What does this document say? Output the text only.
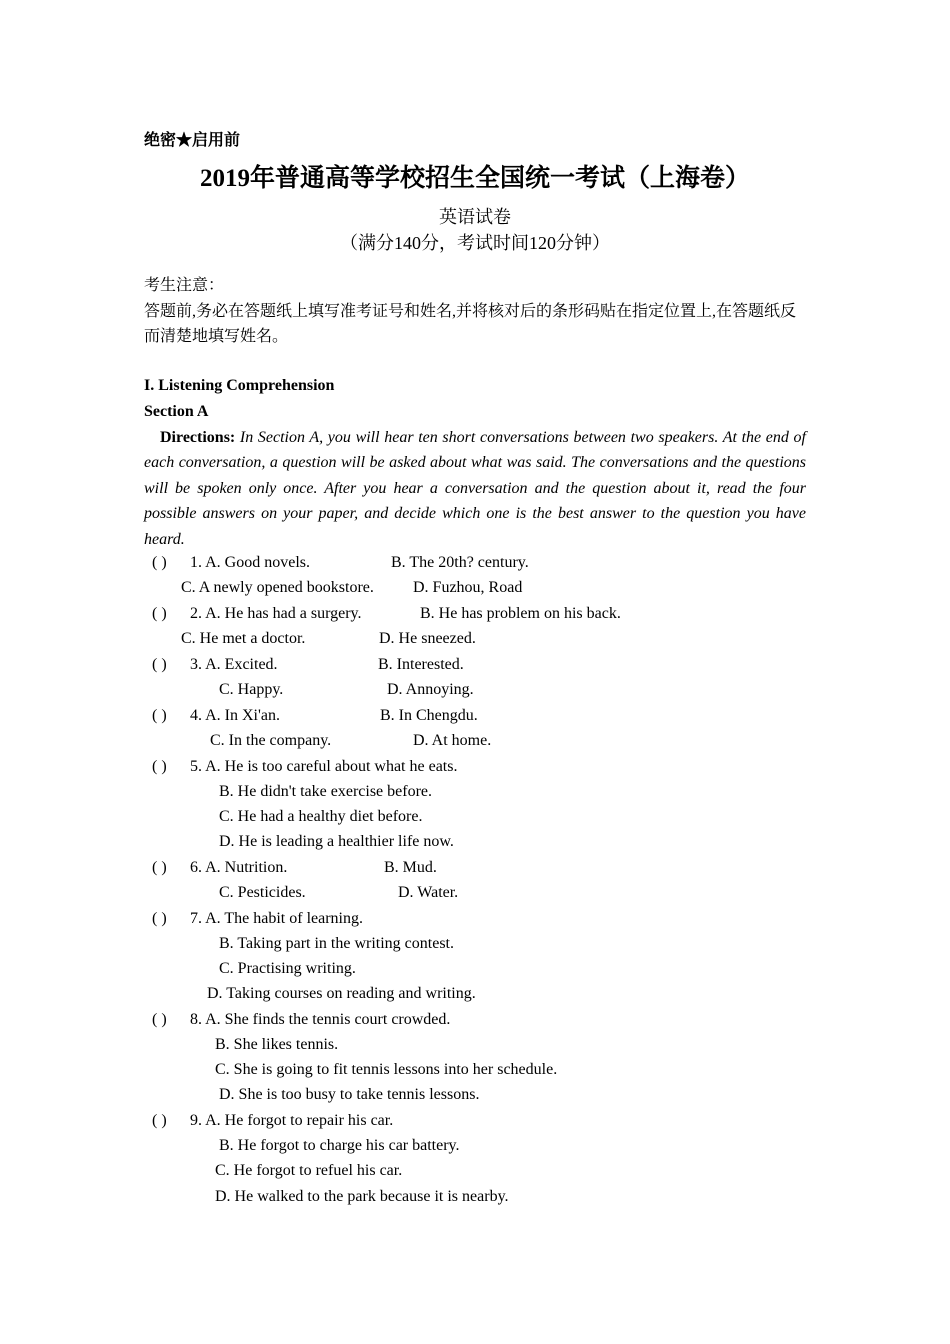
绝密★启用前
2019年普通高等学校招生全国统一考试（上海卷）
英语试卷
（满分140分，考试时间120分钟）
考生注意：
答题前,务必在答题纸上填写准考证号和姓名,并将核对后的条形码贴在指定位置上,在答题纸反而清楚地填写姓名。
I. Listening Comprehension
Section A
Directions: In Section A, you will hear ten short conversations between two speakers. At the end of each conversation, a question will be asked about what was said. The conversations and the questions will be spoken only once. After you hear a conversation and the question about it, read the four possible answers on your paper, and decide which one is the best answer to the question you have heard.
( ) 1. A. Good novels.	B. The 20th? century.
C. A newly opened bookstore. D. Fuzhou, Road
( ) 2. A. He has had a surgery.	B. He has problem on his back.
C. He met a doctor.	D. He sneezed.
( ) 3. A. Excited.	B. Interested.
C. Happy.	D. Annoying.
( ) 4. A. In Xi'an.	B. In Chengdu.
C. In the company.	D. At home.
( ) 5. A. He is too careful about what he eats.
B. He didn't take exercise before.
C. He had a healthy diet before.
D. He is leading a healthier life now.
( ) 6. A. Nutrition.	B. Mud.
C. Pesticides.	D. Water.
( ) 7. A. The habit of learning.
B. Taking part in the writing contest.
C. Practising writing.
D. Taking courses on reading and writing.
( ) 8. A. She finds the tennis court crowded.
B. She likes tennis.
C. She is going to fit tennis lessons into her schedule.
D. She is too busy to take tennis lessons.
( ) 9. A. He forgot to repair his car.
B. He forgot to charge his car battery.
C. He forgot to refuel his car.
D. He walked to the park because it is nearby.
